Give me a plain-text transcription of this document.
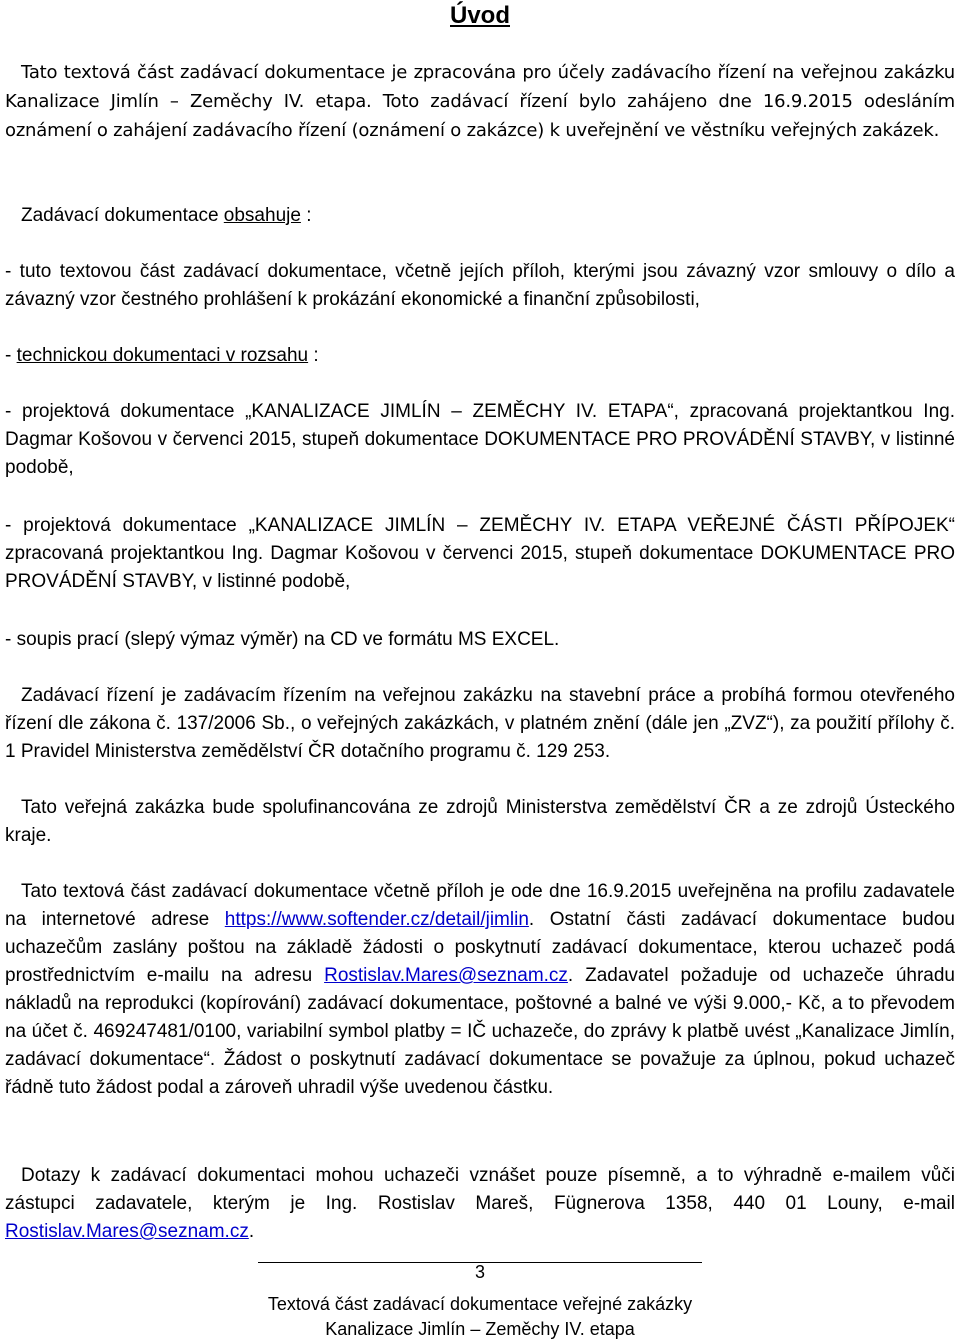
Úvod
Tato textová část zadávací dokumentace je zpracována pro účely zadávacího řízení na veřejnou zakázku Kanalizace Jimlín – Zeměchy IV. etapa. Toto zadávací řízení bylo zahájeno dne 16.9.2015 odesláním oznámení o zahájení zadávacího řízení (oznámení o zakázce) k uveřejnění ve věstníku veřejných zakázek.
Zadávací dokumentace obsahuje :
- tuto textovou část zadávací dokumentace, včetně jejích příloh, kterými jsou závazný vzor smlouvy o dílo a závazný vzor čestného prohlášení k prokázání ekonomické a finanční způsobilosti,
- technickou dokumentaci v rozsahu :
- projektová dokumentace „KANALIZACE JIMLÍN – ZEMĚCHY IV. ETAPA“, zpracovaná projektantkou Ing. Dagmar Košovou v červenci 2015, stupeň dokumentace DOKUMENTACE PRO PROVÁDĚNÍ STAVBY, v listinné podobě,
- projektová dokumentace „KANALIZACE JIMLÍN – ZEMĚCHY IV. ETAPA VEŘEJNÉ ČÁSTI PŘÍPOJEK“ zpracovaná projektantkou Ing. Dagmar Košovou v červenci 2015, stupeň dokumentace DOKUMENTACE PRO PROVÁDĚNÍ STAVBY, v listinné podobě,
- soupis prací (slepý výmaz výměr) na CD ve formátu MS EXCEL.
Zadávací řízení je zadávacím řízením na veřejnou zakázku na stavební práce a probíhá formou otevřeného řízení dle zákona č. 137/2006 Sb., o veřejných zakázkách, v platném znění (dále jen „ZVZ“), za použití přílohy č. 1 Pravidel Ministerstva zemědělství ČR dotačního programu č. 129 253.
Tato veřejná zakázka bude spolufinancována ze zdrojů Ministerstva zemědělství ČR a ze zdrojů Ústeckého kraje.
Tato textová část zadávací dokumentace včetně příloh je ode dne 16.9.2015 uveřejněna na profilu zadavatele na internetové adrese https://www.softender.cz/detail/jimlin. Ostatní části zadávací dokumentace budou uchazečům zaslány poštou na základě žádosti o poskytnutí zadávací dokumentace, kterou uchazeč podá prostřednictvím e-mailu na adresu Rostislav.Mares@seznam.cz. Zadavatel požaduje od uchazeče úhradu nákladů na reprodukci (kopírování) zadávací dokumentace, poštovné a balné ve výši 9.000,- Kč, a to převodem na účet č. 469247481/0100, variabilní symbol platby = IČ uchazeče, do zprávy k platbě uvést „Kanalizace Jimlín, zadávací dokumentace“. Žádost o poskytnutí zadávací dokumentace se považuje za úplnou, pokud uchazeč řádně tuto žádost podal a zároveň uhradil výše uvedenou částku.
Dotazy k zadávací dokumentaci mohou uchazeči vznášet pouze písemně, a to výhradně e-mailem vůči zástupci zadavatele, kterým je Ing. Rostislav Mareš, Fügnerova 1358, 440 01 Louny, e-mail Rostislav.Mares@seznam.cz.
3
Textová část zadávací dokumentace veřejné zakázky
Kanalizace Jimlín – Zeměchy IV. etapa
